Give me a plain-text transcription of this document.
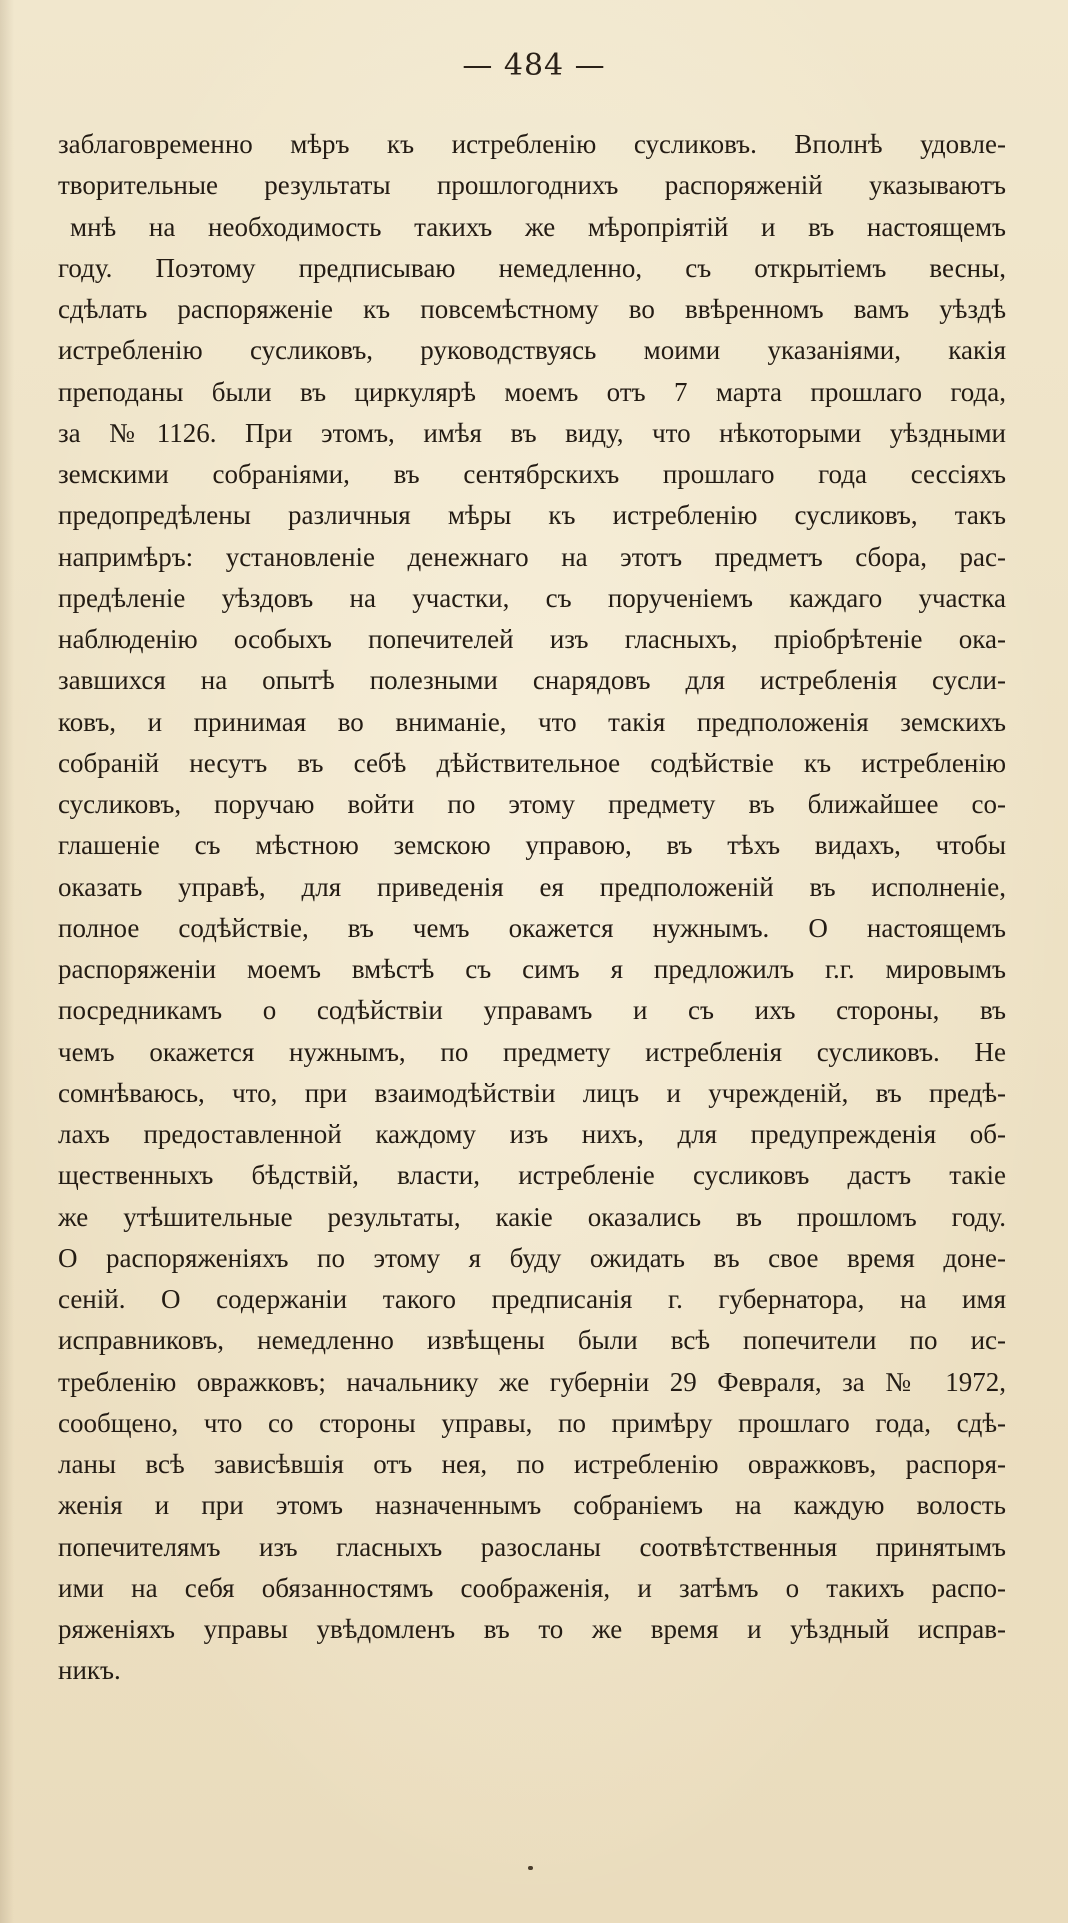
— 484 —
заблаговременно мѣръ къ истребленію сусликовъ. Вполнѣ удовле-
творительные результаты прошлогоднихъ распоряженій указываютъ
мнѣ на необходимость такихъ же мѣропріятій и въ настоящемъ
году. Поэтому предписываю немедленно, съ открытіемъ весны,
сдѣлать распоряженіе къ повсемѣстному во ввѣренномъ вамъ уѣздѣ
истребленію сусликовъ, руководствуясь моими указаніями, какія
преподаны были въ циркулярѣ моемъ отъ 7 марта прошлаго года,
за №1126. При этомъ, имѣя въ виду, что нѣкоторыми уѣздными
земскими собраніями, въ сентябрскихъ прошлаго года сессіяхъ
предопредѣлены различныя мѣры къ истребленію сусликовъ, такъ
напримѣръ: установленіе денежнаго на этотъ предметъ сбора, рас-
предѣленіе уѣздовъ на участки, съ порученіемъ каждаго участка
наблюденію особыхъ попечителей изъ гласныхъ, пріобрѣтеніе ока-
завшихся на опытѣ полезными снарядовъ для истребленія сусли-
ковъ, и принимая во вниманіе, что такія предположенія земскихъ
собраній несутъ въ себѣ дѣйствительное содѣйствіе къ истребленію
сусликовъ, поручаю войти по этому предмету въ ближайшее со-
глашеніе съ мѣстною земскою управою, въ тѣхъ видахъ, чтобы
оказать управѣ, для приведенія ея предположеній въ исполненіе,
полное содѣйствіе, въ чемъ окажется нужнымъ. О настоящемъ
распоряженіи моемъ вмѣстѣ съ симъ я предложилъ г.г. мировымъ
посредникамъ о содѣйствіи управамъ и съ ихъ стороны, въ
чемъ окажется нужнымъ, по предмету истребленія сусликовъ. Не
сомнѣваюсь, что, при взаимодѣйствіи лицъ и учрежденій, въ предѣ-
лахъ предоставленной каждому изъ нихъ, для предупрежденія об-
щественныхъ бѣдствій, власти, истребленіе сусликовъ дастъ такіе
же утѣшительные результаты, какіе оказались въ прошломъ году.
О распоряженіяхъ по этому я буду ожидать въ свое время доне-
сеній. О содержаніи такого предписанія г. губернатора, на имя
исправниковъ, немедленно извѣщены были всѣ попечители по ис-
требленію овражковъ; начальнику же губерніи 29 Февраля, за № 1972,
сообщено, что со стороны управы, по примѣру прошлаго года, сдѣ-
ланы всѣ зависѣвшія отъ нея, по истребленію овражковъ, распоря-
женія и при этомъ назначеннымъ собраніемъ на каждую волость
попечителямъ изъ гласныхъ разосланы соотвѣтственныя принятымъ
ими на себя обязанностямъ соображенія, и затѣмъ о такихъ распо-
ряженіяхъ управы увѣдомленъ въ то же время и уѣздный исправ-
никъ.
